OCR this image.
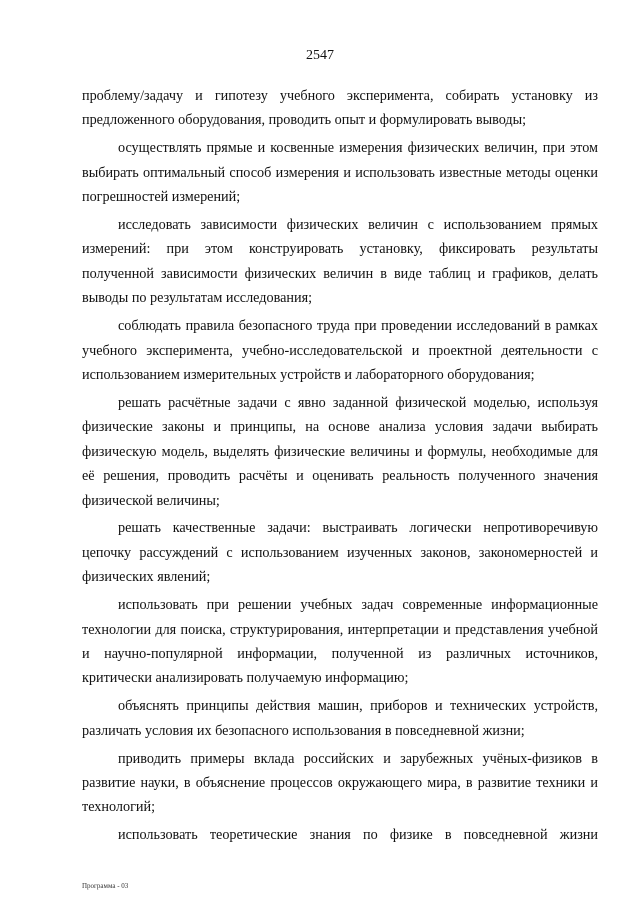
2547

проблему/задачу и гипотезу учебного эксперимента, собирать установку из предложенного оборудования, проводить опыт и формулировать выводы;

осуществлять прямые и косвенные измерения физических величин, при этом выбирать оптимальный способ измерения и использовать известные методы оценки погрешностей измерений;

исследовать зависимости физических величин с использованием прямых измерений: при этом конструировать установку, фиксировать результаты полученной зависимости физических величин в виде таблиц и графиков, делать выводы по результатам исследования;

соблюдать правила безопасного труда при проведении исследований в рамках учебного эксперимента, учебно-исследовательской и проектной деятельности с использованием измерительных устройств и лабораторного оборудования;

решать расчётные задачи с явно заданной физической моделью, используя физические законы и принципы, на основе анализа условия задачи выбирать физическую модель, выделять физические величины и формулы, необходимые для её решения, проводить расчёты и оценивать реальность полученного значения физической величины;

решать качественные задачи: выстраивать логически непротиворечивую цепочку рассуждений с использованием изученных законов, закономерностей и физических явлений;

использовать при решении учебных задач современные информационные технологии для поиска, структурирования, интерпретации и представления учебной и научно-популярной информации, полученной из различных источников, критически анализировать получаемую информацию;

объяснять принципы действия машин, приборов и технических устройств, различать условия их безопасного использования в повседневной жизни;

приводить примеры вклада российских и зарубежных учёных-физиков в развитие науки, в объяснение процессов окружающего мира, в развитие техники и технологий;

использовать теоретические знания по физике в повседневной жизни

Программа - 03
